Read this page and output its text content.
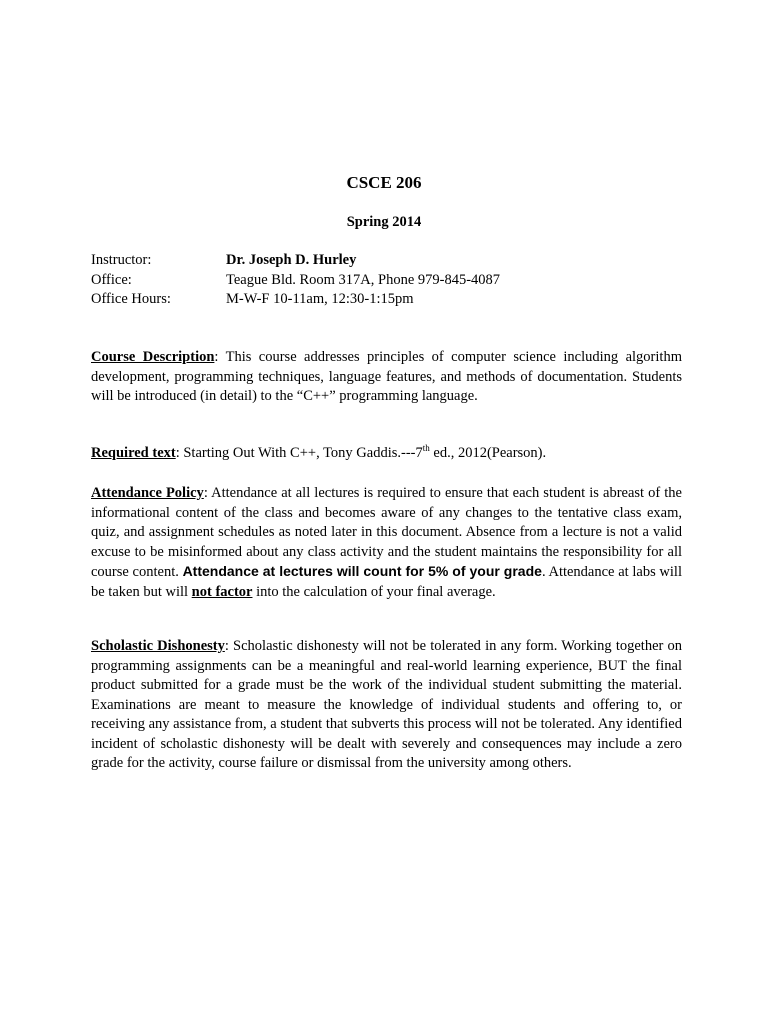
CSCE 206
Spring 2014
Instructor:	Dr. Joseph D. Hurley
Office:	Teague Bld. Room 317A, Phone 979-845-4087
Office Hours:	M-W-F 10-11am, 12:30-1:15pm
Course Description: This course addresses principles of computer science including algorithm development, programming techniques, language features, and methods of documentation. Students will be introduced (in detail) to the “C++” programming language.
Required text: Starting Out With C++, Tony Gaddis.---7th ed., 2012(Pearson).
Attendance Policy: Attendance at all lectures is required to ensure that each student is abreast of the informational content of the class and becomes aware of any changes to the tentative class exam, quiz, and assignment schedules as noted later in this document. Absence from a lecture is not a valid excuse to be misinformed about any class activity and the student maintains the responsibility for all course content. Attendance at lectures will count for 5% of your grade. Attendance at labs will be taken but will not factor into the calculation of your final average.
Scholastic Dishonesty: Scholastic dishonesty will not be tolerated in any form. Working together on programming assignments can be a meaningful and real-world learning experience, BUT the final product submitted for a grade must be the work of the individual student submitting the material. Examinations are meant to measure the knowledge of individual students and offering to, or receiving any assistance from, a student that subverts this process will not be tolerated. Any identified incident of scholastic dishonesty will be dealt with severely and consequences may include a zero grade for the activity, course failure or dismissal from the university among others.
